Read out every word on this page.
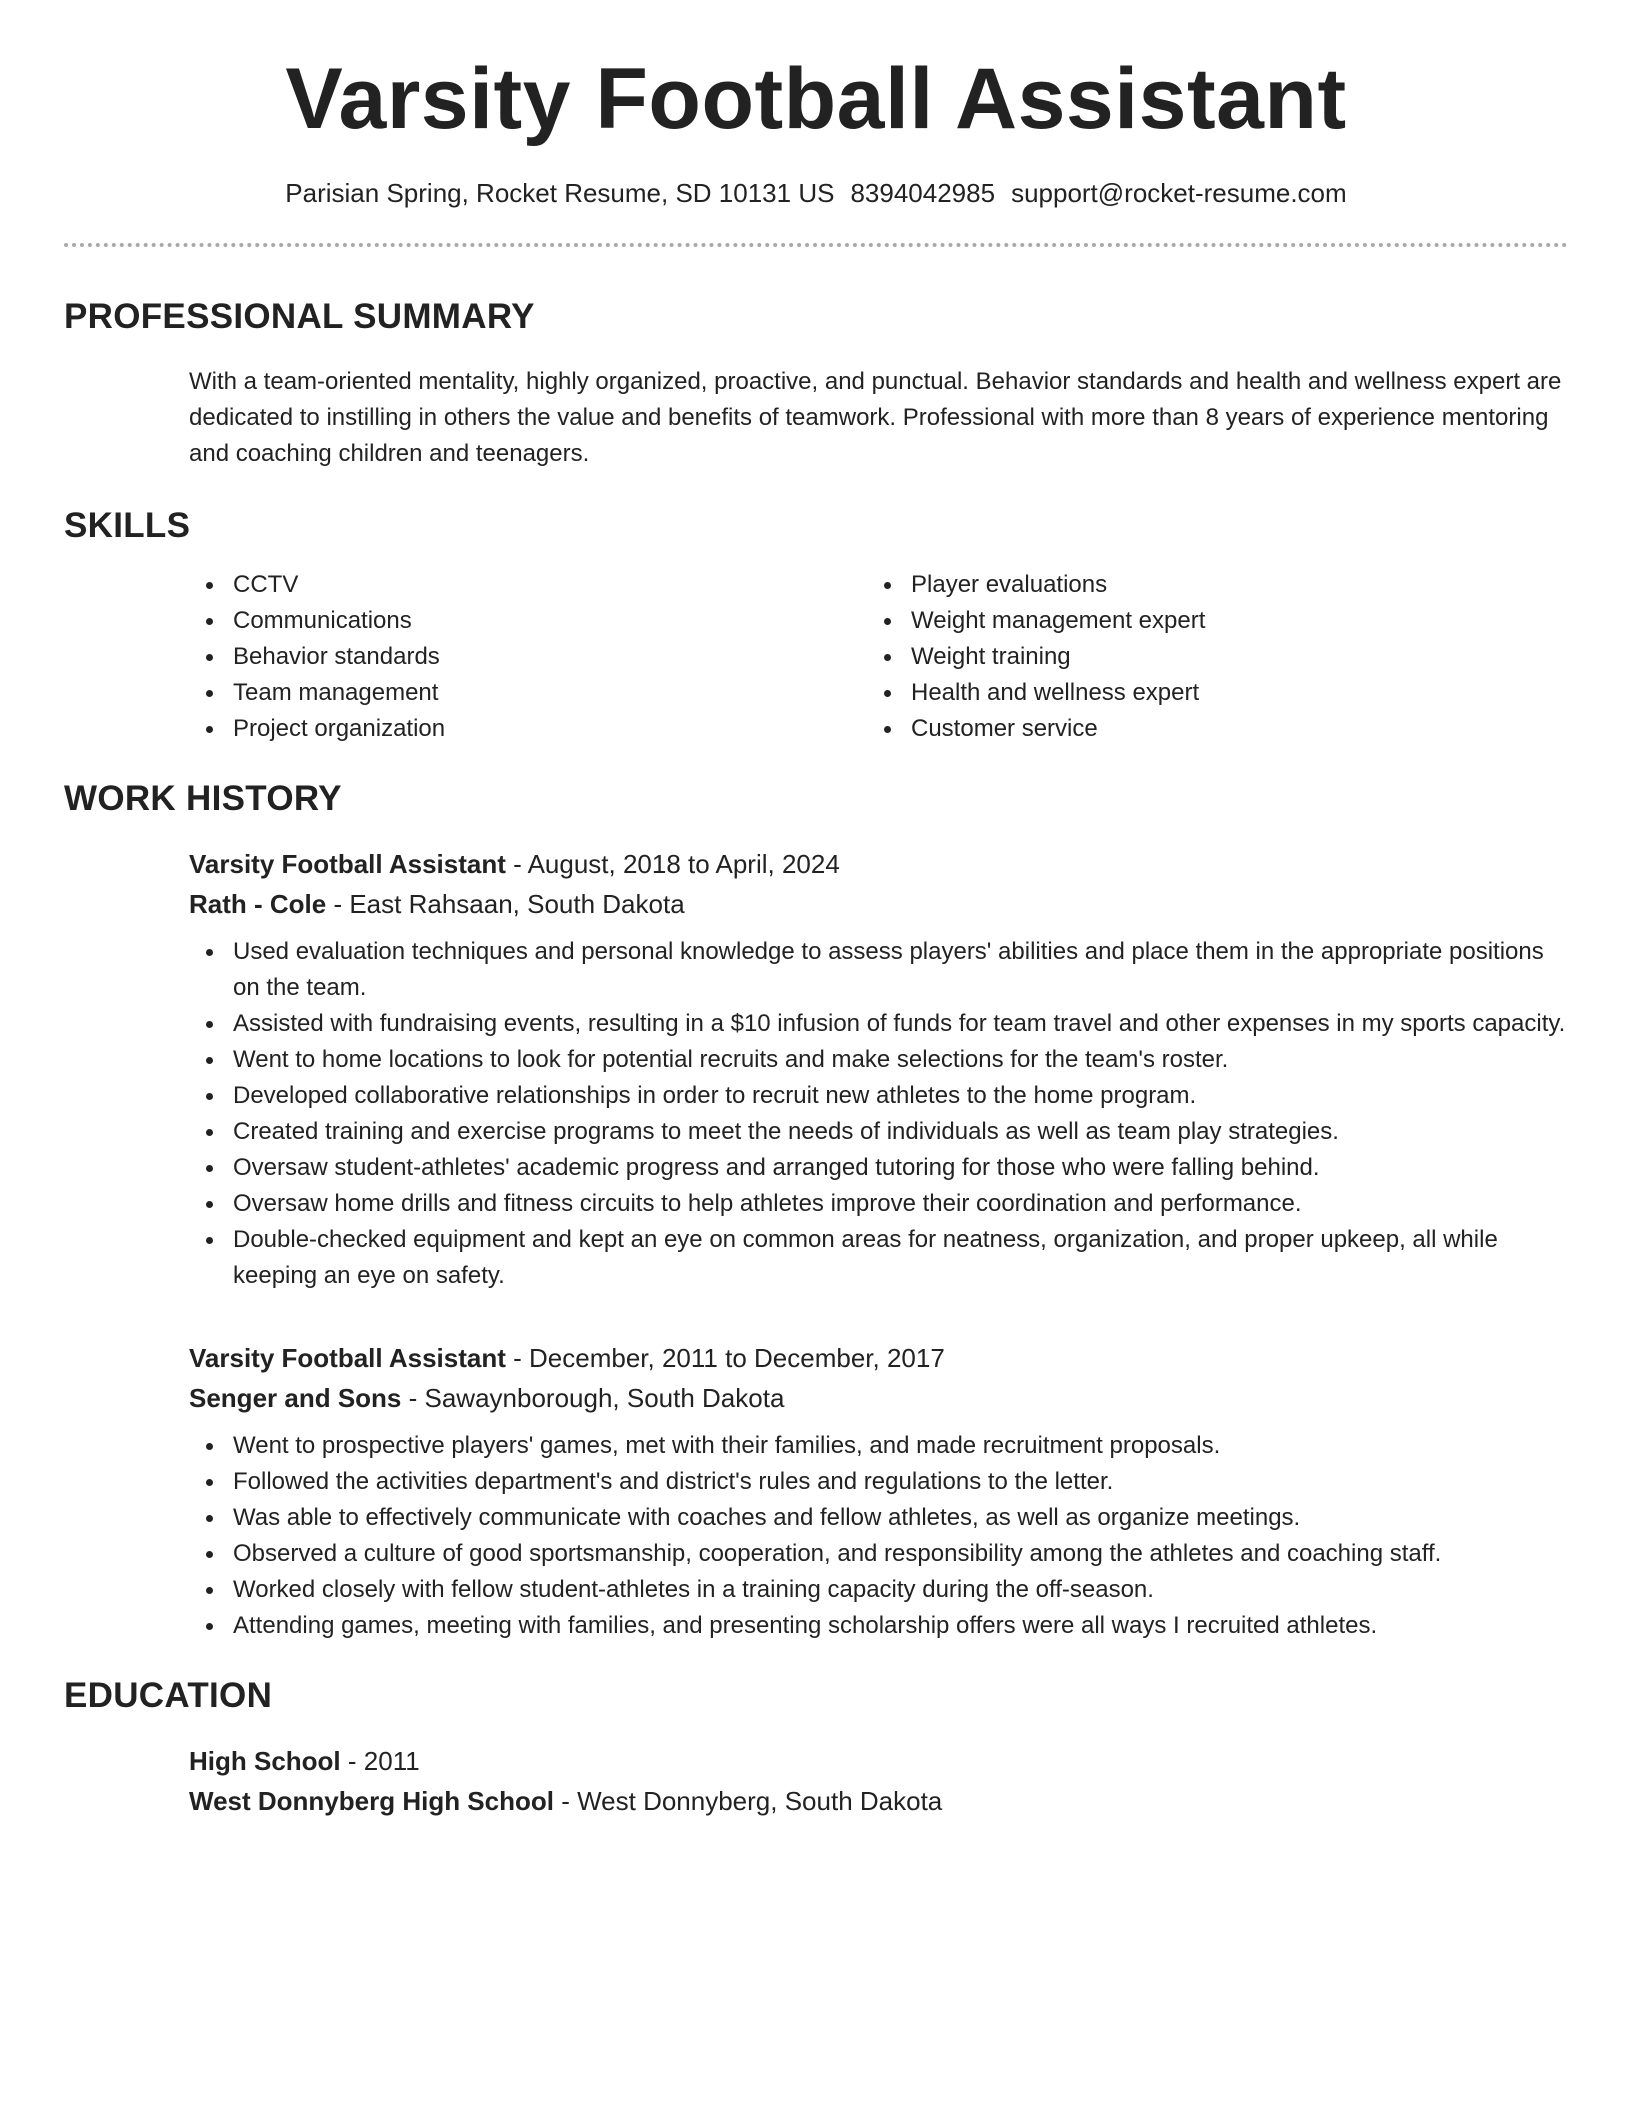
Varsity Football Assistant
Parisian Spring, Rocket Resume, SD 10131 US 8394042985 support@rocket-resume.com
PROFESSIONAL SUMMARY
With a team-oriented mentality, highly organized, proactive, and punctual. Behavior standards and health and wellness expert are dedicated to instilling in others the value and benefits of teamwork. Professional with more than 8 years of experience mentoring and coaching children and teenagers.
SKILLS
CCTV
Communications
Behavior standards
Team management
Project organization
Player evaluations
Weight management expert
Weight training
Health and wellness expert
Customer service
WORK HISTORY
Varsity Football Assistant - August, 2018 to April, 2024
Rath - Cole - East Rahsaan, South Dakota
Used evaluation techniques and personal knowledge to assess players' abilities and place them in the appropriate positions on the team.
Assisted with fundraising events, resulting in a $10 infusion of funds for team travel and other expenses in my sports capacity.
Went to home locations to look for potential recruits and make selections for the team's roster.
Developed collaborative relationships in order to recruit new athletes to the home program.
Created training and exercise programs to meet the needs of individuals as well as team play strategies.
Oversaw student-athletes' academic progress and arranged tutoring for those who were falling behind.
Oversaw home drills and fitness circuits to help athletes improve their coordination and performance.
Double-checked equipment and kept an eye on common areas for neatness, organization, and proper upkeep, all while keeping an eye on safety.
Varsity Football Assistant - December, 2011 to December, 2017
Senger and Sons - Sawaynborough, South Dakota
Went to prospective players' games, met with their families, and made recruitment proposals.
Followed the activities department's and district's rules and regulations to the letter.
Was able to effectively communicate with coaches and fellow athletes, as well as organize meetings.
Observed a culture of good sportsmanship, cooperation, and responsibility among the athletes and coaching staff.
Worked closely with fellow student-athletes in a training capacity during the off-season.
Attending games, meeting with families, and presenting scholarship offers were all ways I recruited athletes.
EDUCATION
High School - 2011
West Donnyberg High School - West Donnyberg, South Dakota
